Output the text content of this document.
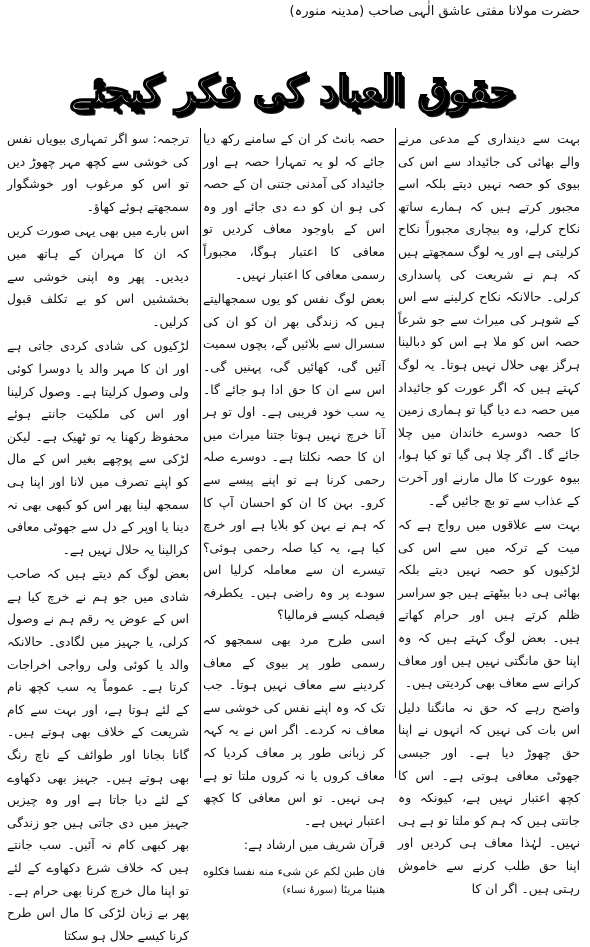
حضرت مولانا مفتی عاشق الٰہی صاحب (مدینہ منورہ)
حقوق العباد کی فکر کیجئے

بہت سے دینداری کے مدعی مرنے والے بھائی کی جائیداد سے اس کی بیوی کو حصہ نہیں دیتے بلکہ اسے مجبور کرتے ہیں کہ ہمارے ساتھ نکاح کرلے، وہ بیچاری مجبوراً نکاح کرلیتی ہے اور یہ لوگ سمجھتے ہیں کہ ہم نے شریعت کی پاسداری کرلی۔ حالانکہ نکاح کرلینے سے اس کے شوہر کی میراث سے جو شرعاً حصہ اس کو ملا ہے اس کو دبالینا ہرگز بھی حلال نہیں ہوتا۔ یہ لوگ کہتے ہیں کہ اگر عورت کو جائیداد میں حصہ دے دیا گیا تو ہماری زمین کا حصہ دوسرے خاندان میں چلا جائے گا۔ اگر چلا ہی گیا تو کیا ہوا، بیوہ عورت کا مال مارنے اور آخرت کے عذاب سے تو بچ جائیں گے۔

بہت سے علاقوں میں رواج ہے کہ میت کے ترکہ میں سے اس کی لڑکیوں کو حصہ نہیں دیتے بلکہ بھائی ہی دبا بیٹھتے ہیں جو سراسر ظلم کرتے ہیں اور حرام کھاتے ہیں۔ بعض لوگ کہتے ہیں کہ وہ اپنا حق مانگتی نہیں ہیں اور معاف کرانے سے معاف بھی کردیتی ہیں۔

واضح رہے کہ حق نہ مانگنا دلیل اس بات کی نہیں کہ انہوں نے اپنا حق چھوڑ دیا ہے۔ اور جیسی جھوٹی معافی ہوتی ہے۔ اس کا کچھ اعتبار نہیں ہے، کیونکہ وہ جانتی ہیں کہ ہم کو ملتا تو ہے ہی نہیں۔ لہٰذا معاف ہی کردیں اور اپنا حق طلب کرنے سے خاموش رہتی ہیں۔ اگر ان کا

حصہ بانٹ کر ان کے سامنے رکھ دیا جائے کہ لو یہ تمہارا حصہ ہے اور جائیداد کی آمدنی جتنی ان کے حصہ کی ہو ان کو دے دی جائے اور وہ اس کے باوجود معاف کردیں تو معافی کا اعتبار ہوگا، مجبوراً رسمی معافی کا اعتبار نہیں۔

بعض لوگ نفس کو یوں سمجھالیتے ہیں کہ زندگی بھر ان کو ان کی سسرال سے بلائیں گے، بچوں سمیت آئیں گی، کھائیں گی، پہنیں گی۔ اس سے ان کا حق ادا ہو جائے گا۔ یہ سب خود فریبی ہے۔ اول تو ہر آنا خرچ نہیں ہوتا جتنا میراث میں ان کا حصہ نکلتا ہے۔ دوسرے صلہ رحمی کرنا ہے تو اپنے پیسے سے کرو۔ بہن کا ان کو احسان آپ کا کہ ہم نے بہن کو بلایا ہے اور خرچ کیا ہے، یہ کیا صلہ رحمی ہوئی؟ تیسرے ان سے معاملہ کرلیا اس سودے پر وہ راضی ہیں۔ یکطرفہ فیصلہ کیسے فرمالیا؟

اسی طرح مرد بھی سمجھو کہ رسمی طور پر بیوی کے معاف کردینے سے معاف نہیں ہوتا۔ جب تک کہ وہ اپنے نفس کی خوشی سے معاف نہ کردے۔ اگر اس نے یہ کہہ کر زبانی طور پر معاف کردیا کہ معاف کروں یا نہ کروں ملتا تو ہے ہی نہیں۔ تو اس معافی کا کچھ اعتبار نہیں ہے۔

قرآن شریف میں ارشاد ہے:

فان طبن لکم عن شیء منه نفسا فکلوه هنیئا مریئا (سورۂ نساء)

ترجمہ: سو اگر تمہاری بیویاں نفس کی خوشی سے کچھ مہر چھوڑ دیں تو اس کو مرغوب اور خوشگوار سمجھتے ہوئے کھاؤ۔

اس بارے میں بھی یہی صورت کریں کہ ان کا مہران کے ہاتھ میں دیدیں۔ پھر وہ اپنی خوشی سے بخششیں اس کو بے تکلف قبول کرلیں۔

لڑکیوں کی شادی کردی جاتی ہے اور ان کا مہر والد یا دوسرا کوئی ولی وصول کرلیتا ہے۔ وصول کرلینا اور اس کی ملکیت جانتے ہوئے محفوظ رکھنا یہ تو ٹھیک ہے۔ لیکن لڑکی سے پوچھے بغیر اس کے مال کو اپنے تصرف میں لانا اور اپنا ہی سمجھ لینا پھر اس کو کبھی بھی نہ دینا یا اوپر کے دل سے جھوٹی معافی کرالینا یہ حلال نہیں ہے۔

بعض لوگ کم دیتے ہیں کہ صاحب شادی میں جو ہم نے خرچ کیا ہے اس کے عوض یہ رقم ہم نے وصول کرلی، یا جہیز میں لگادی۔ حالانکہ والد یا کوئی ولی رواجی اخراجات کرتا ہے۔ عموماً یہ سب کچھ نام کے لئے ہوتا ہے، اور بہت سے کام شریعت کے خلاف بھی ہوتے ہیں۔ گانا بجانا اور طوائف کے ناچ رنگ بھی ہوتے ہیں۔ جہیز بھی دکھاوے کے لئے دیا جاتا ہے اور وہ چیزیں جہیز میں دی جاتی ہیں جو زندگی بھر کبھی کام نہ آئیں۔ سب جانتے ہیں کہ خلاف شرع دکھاوے کے لئے تو اپنا مال خرچ کرنا بھی حرام ہے۔ پھر بے زبان لڑکی کا مال اس طرح کرنا کیسے حلال ہو سکتا
